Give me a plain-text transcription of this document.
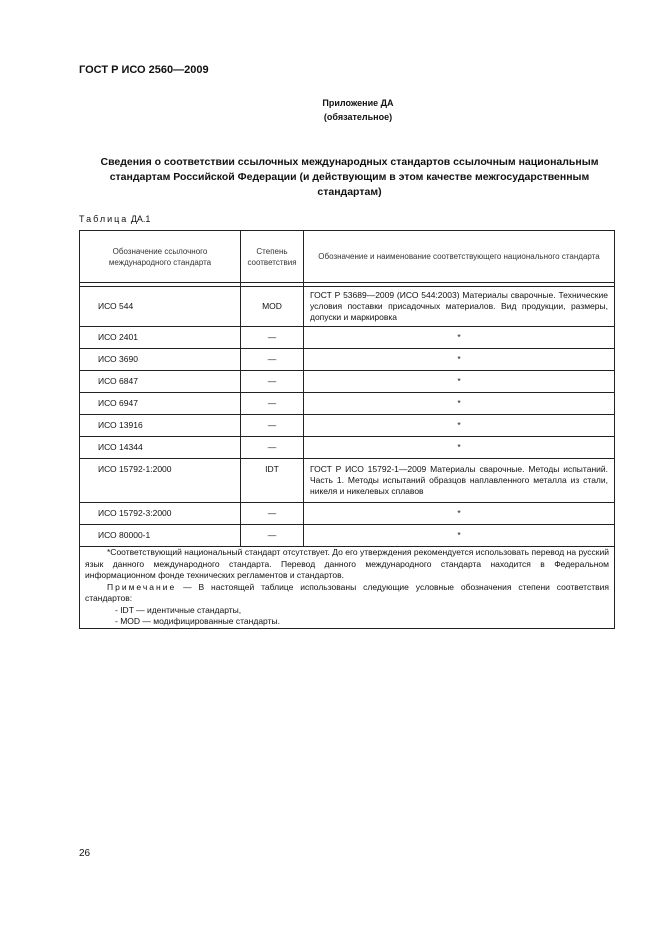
ГОСТ Р ИСО 2560—2009
Приложение ДА
(обязательное)
Сведения о соответствии ссылочных международных стандартов ссылочным национальным стандартам Российской Федерации (и действующим в этом качестве межгосударственным стандартам)
Таблица ДА.1
Обозначение ссылочного международного стандарта	Степень соответствия	Обозначение и наименование соответствующего национального стандарта

ИСО 544	MOD	ГОСТ Р 53689—2009 (ИСО 544:2003) Материалы сварочные. Технические условия поставки присадочных материалов. Вид продукции, размеры, допуски и маркировка
ИСО 2401	—	*
ИСО 3690	—	*
ИСО 6847	—	*
ИСО 6947	—	*
ИСО 13916	—	*
ИСО 14344	—	*
ИСО 15792-1:2000	IDT	ГОСТ Р ИСО 15792-1—2009 Материалы сварочные. Методы испытаний. Часть 1. Методы испытаний образцов наплавленного металла из стали, никеля и никелевых сплавов
ИСО 15792-3:2000	—	*
ИСО 80000-1	—	*

*Соответствующий национальный стандарт отсутствует. До его утверждения рекомендуется использовать перевод на русский язык данного международного стандарта. Перевод данного международного стандарта находится в Федеральном информационном фонде технических регламентов и стандартов.

Примечание — В настоящей таблице использованы следующие условные обозначения степени соответствия стандартов:

- IDT — идентичные стандарты,
- MOD — модифицированные стандарты.		
26
